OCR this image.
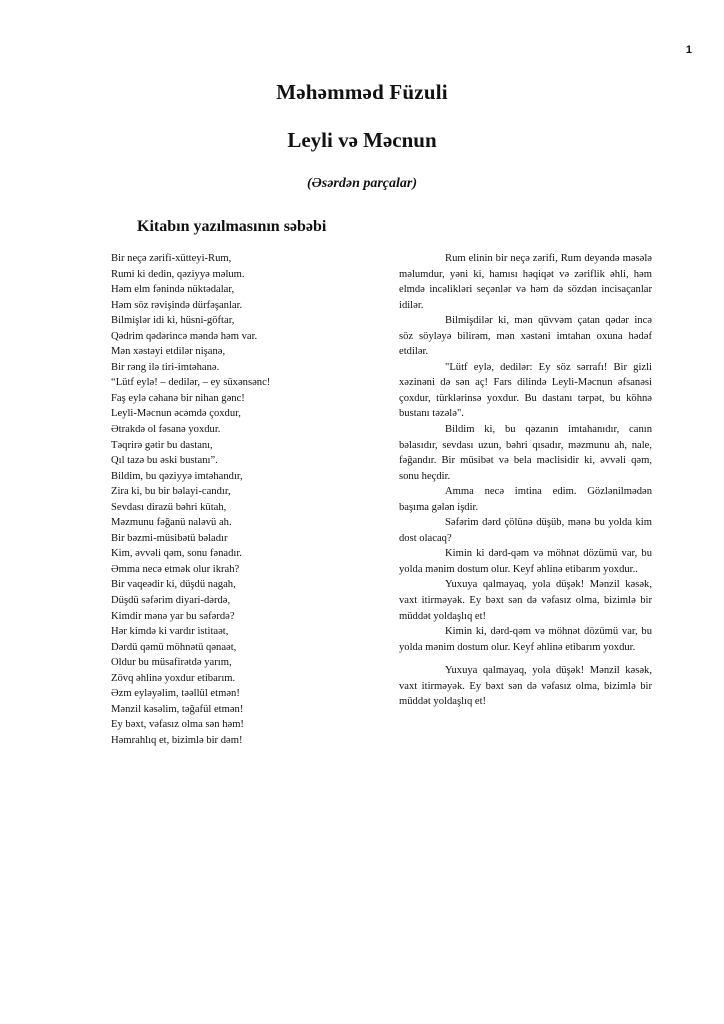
1
Məhəmməd Füzuli
Leyli və Məcnun
(Əsərdən parçalar)
Kitabın yazılmasının səbəbi
Bir neçə zərifi-xütteyi-Rum,
Rumi ki dedin, qəziyyə məlum.
Həm elm fənində nüktədalar,
Həm söz rəvişində dürfəşanlar.
Bilmişlər idi ki, hüsni-göftar,
Qədrim qədərincə məndə həm var.
Mən xəstəyi etdilər nişanə,
Bir rəng ilə tiri-imtəhanə.
“Lütf eylə! – dedilər, – ey süxənsənc!
Faş eylə cəhanə bir nihan gənc!
Leyli-Məcnun əcəmdə çoxdur,
Ətrakdə ol fəsanə yoxdur.
Təqrirə gətir bu dastanı,
Qıl tazə bu əski bustanı”.
Bildim, bu qəziyyə imtəhandır,
Zira ki, bu bir bəlayi-candır,
Sevdası dirazü bəhri kütah,
Məzmunu fəğanü naləvü ah.
Bir bəzmi-müsibətü bəladır
Kim, əvvəli qəm, sonu fənadır.
Əmma necə etmək olur ikrah?
Bir vaqeədir ki, düşdü nagah,
Düşdü səfərim diyari-dərdə,
Kimdir mənə yar bu səfərdə?
Hər kimdə ki vardır istitaət,
Dərdü qəmü möhnətü qənaət,
Oldur bu müsafirətdə yarım,
Zövq əhlinə yoxdur etibarım.
Əzm eyləyəlim, təəllül etmən!
Mənzil kəsəlim, təğafül etmən!
Ey bəxt, vəfasız olma sən həm!
Həmrahlıq et, bizimlə bir dəm!

Rum elinin bir neçə zərifi, Rum deyəndə məsələ məlumdur, yəni ki, hamısı həqiqət və zəriflik əhli, həm elmdə incəlikləri seçənlər və həm də sözdən incisaçanlar idilər.

Bilmişdilər ki, mən qüvvəm çatan qədər incə söz söyləyə bilirəm, mən xəstəni imtahan oxuna hədəf etdilər.

"Lütf eylə, dedilər: Ey söz sərrafı! Bir gizli xəzinəni də sən aç! Fars dilində Leyli-Məcnun əfsanəsi çoxdur, türklərinsə yoxdur. Bu dastanı tərpət, bu köhnə bustanı təzələ".

Bildim ki, bu qəzanın imtahanıdır, canın bəlasıdır, sevdası uzun, bəhri qısadır, məzmunu ah, nale, fəğandır. Bir müsibət və bela məclisidir ki, əvvəli qəm, sonu heçdir.

Amma necə imtina edim. Gözlənilmədən başıma gələn işdir.

Səfərim dərd çölünə düşüb, mənə bu yolda kim dost olacaq?

Kimin ki dərd-qəm və möhnət dözümü var, bu yolda mənim dostum olur. Keyf əhlinə etibarım yoxdur..

Yuxuya qalmayaq, yola düşək! Mənzil kəsək, vaxt itirməyək. Ey bəxt sən də vəfasız olma, bizimlə bir müddət yoldaşlıq et!

Kimin ki, dərd-qəm və möhnət dözümü var, bu yolda mənim dostum olur. Keyf əhlinə etibarım yoxdur.

Yuxuya qalmayaq, yola düşək! Mənzil kəsək, vaxt itirməyək. Ey bəxt sən də vəfasız olma, bizimlə bir müddət yoldaşlıq et!
